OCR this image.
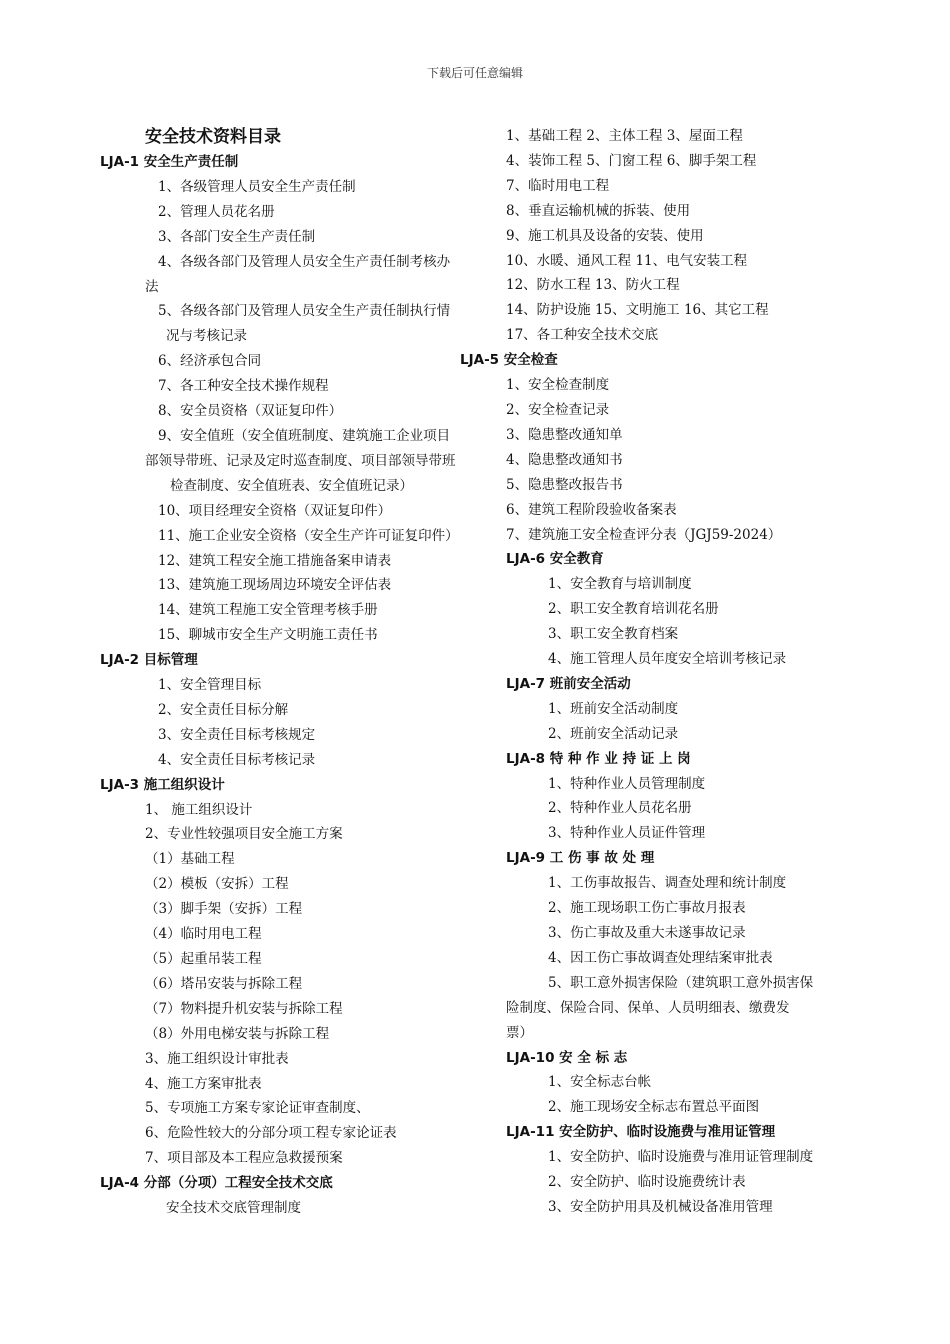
下载后可任意编辑
安全技术资料目录
LJA-1 安全生产责任制
1、各级管理人员安全生产责任制
2、管理人员花名册
3、各部门安全生产责任制
4、各级各部门及管理人员安全生产责任制考核办
法
5、各级各部门及管理人员安全生产责任制执行情
况与考核记录
6、经济承包合同
7、各工种安全技术操作规程
8、安全员资格（双证复印件）
9、安全值班（安全值班制度、建筑施工企业项目
部领导带班、记录及定时巡查制度、项目部领导带班
检查制度、安全值班表、安全值班记录）
10、项目经理安全资格（双证复印件）
11、施工企业安全资格（安全生产许可证复印件）
12、建筑工程安全施工措施备案申请表
13、建筑施工现场周边环境安全评估表
14、建筑工程施工安全管理考核手册
15、聊城市安全生产文明施工责任书
LJA-2 目标管理
1、安全管理目标
2、安全责任目标分解
3、安全责任目标考核规定
4、安全责任目标考核记录
LJA-3 施工组织设计
1、 施工组织设计
2、专业性较强项目安全施工方案
（1）基础工程
（2）模板（安拆）工程
（3）脚手架（安拆）工程
（4）临时用电工程
（5）起重吊装工程
（6）塔吊安装与拆除工程
（7）物料提升机安装与拆除工程
（8）外用电梯安装与拆除工程
3、施工组织设计审批表
4、施工方案审批表
5、专项施工方案专家论证审查制度、
6、危险性较大的分部分项工程专家论证表
7、项目部及本工程应急救援预案
LJA-4 分部（分项）工程安全技术交底
安全技术交底管理制度
1、基础工程 2、主体工程 3、屋面工程
4、装饰工程 5、门窗工程 6、脚手架工程
7、临时用电工程
8、垂直运输机械的拆装、使用
9、施工机具及设备的安装、使用
10、水暖、通风工程 11、电气安装工程
12、防水工程 13、防火工程
14、防护设施 15、文明施工 16、其它工程
17、各工种安全技术交底
LJA-5 安全检查
1、安全检查制度
2、安全检查记录
3、隐患整改通知单
4、隐患整改通知书
5、隐患整改报告书
6、建筑工程阶段验收备案表
7、建筑施工安全检查评分表（JGJ59-2024）
LJA-6 安全教育
1、安全教育与培训制度
2、职工安全教育培训花名册
3、职工安全教育档案
4、施工管理人员年度安全培训考核记录
LJA-7 班前安全活动
1、班前安全活动制度
2、班前安全活动记录
LJA-8 特 种 作 业 持 证 上 岗
1、特种作业人员管理制度
2、特种作业人员花名册
3、特种作业人员证件管理
LJA-9 工 伤 事 故 处 理
1、工伤事故报告、调查处理和统计制度
2、施工现场职工伤亡事故月报表
3、伤亡事故及重大未遂事故记录
4、因工伤亡事故调查处理结案审批表
5、职工意外损害保险（建筑职工意外损害保
险制度、保险合同、保单、人员明细表、缴费发
票）
LJA-10 安 全 标 志
1、安全标志台帐
2、施工现场安全标志布置总平面图
LJA-11 安全防护、临时设施费与准用证管理
1、安全防护、临时设施费与准用证管理制度
2、安全防护、临时设施费统计表
3、安全防护用具及机械设备准用管理
